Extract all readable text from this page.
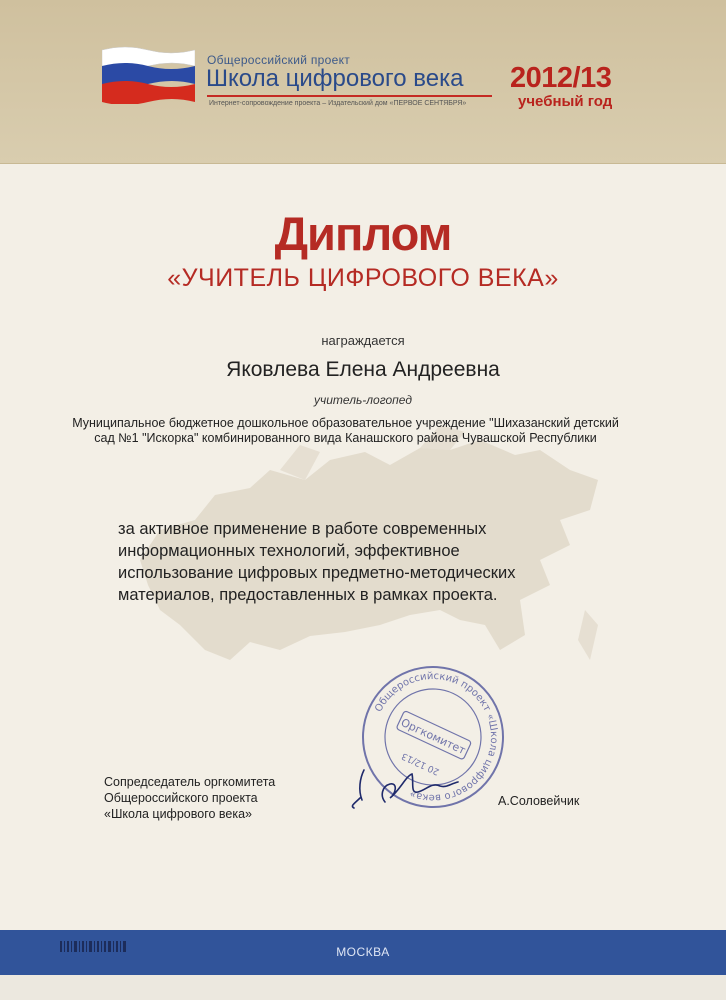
Общероссийский проект
Школа цифрового века
Интернет-сопровождение проекта – Издательский дом «ПЕРВОЕ СЕНТЯБРЯ»
2012/13
учебный год
Диплом
«УЧИТЕЛЬ ЦИФРОВОГО ВЕКА»
награждается
Яковлева Елена Андреевна
учитель-логопед
Муниципальное бюджетное дошкольное образовательное учреждение "Шихазанский детский сад №1 "Искорка" комбинированного вида Канашского района Чувашской Республики
за активное применение в работе современных
информационных технологий, эффективное
использование цифровых предметно-методических
материалов, предоставленных в рамках проекта.
Сопредседатель оргкомитета
Общероссийского проекта
«Школа цифрового века»
Общероссийский проект «Школа цифрового века»
Оргкомитет
20 12/13
А.Соловейчик
МОСКВА
